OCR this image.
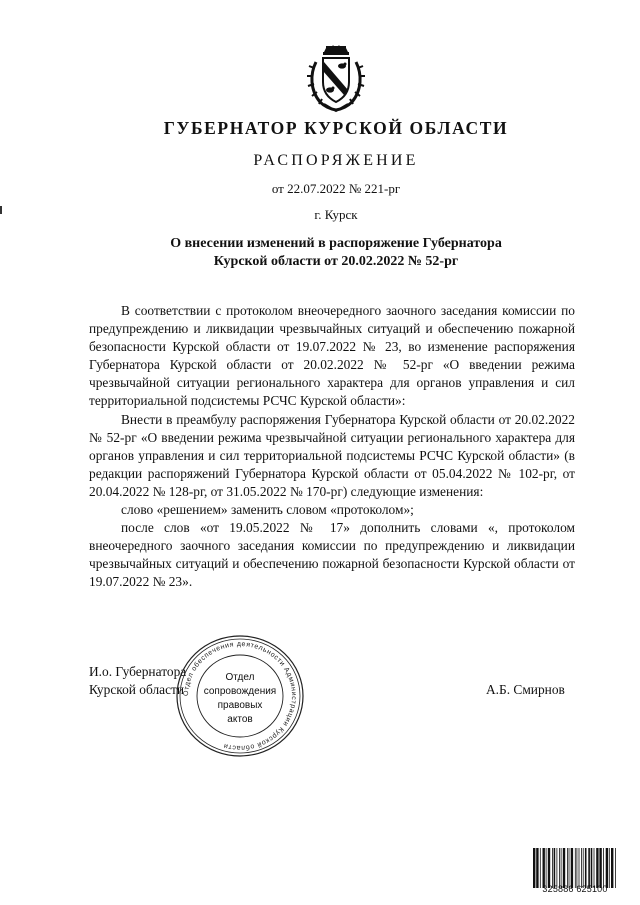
ГУБЕРНАТОР КУРСКОЙ ОБЛАСТИ
РАСПОРЯЖЕНИЕ
от 22.07.2022 № 221-рг
г. Курск
О внесении изменений в распоряжение Губернатора
Курской области от 20.02.2022 № 52-рг

В соответствии с протоколом внеочередного заочного заседания комиссии по предупреждению и ликвидации чрезвычайных ситуаций и обеспечению пожарной безопасности Курской области от 19.07.2022 № 23, во изменение распоряжения Губернатора Курской области от 20.02.2022 № 52-рг «О введении режима чрезвычайной ситуации регионального характера для органов управления и сил территориальной подсистемы РСЧС Курской области»:

Внести в преамбулу распоряжения Губернатора Курской области от 20.02.2022 № 52-рг «О введении режима чрезвычайной ситуации регионального характера для органов управления и сил территориальной подсистемы РСЧС Курской области» (в редакции распоряжений Губернатора Курской области от 05.04.2022 № 102-рг, от 20.04.2022 № 128-рг, от 31.05.2022 № 170-рг) следующие изменения:

слово «решением» заменить словом «протоколом»;

после слов «от 19.05.2022 № 17» дополнить словами «, протоколом внеочередного заочного заседания комиссии по предупреждению и ликвидации чрезвычайных ситуаций и обеспечению пожарной безопасности Курской области от 19.07.2022 № 23».

И.о. Губернатора
Курской области	А.Б. Смирнов
Отдел обеспечения деятельности Администрации Курской области
Отдел
сопровождения
правовых
актов
325886 625100
